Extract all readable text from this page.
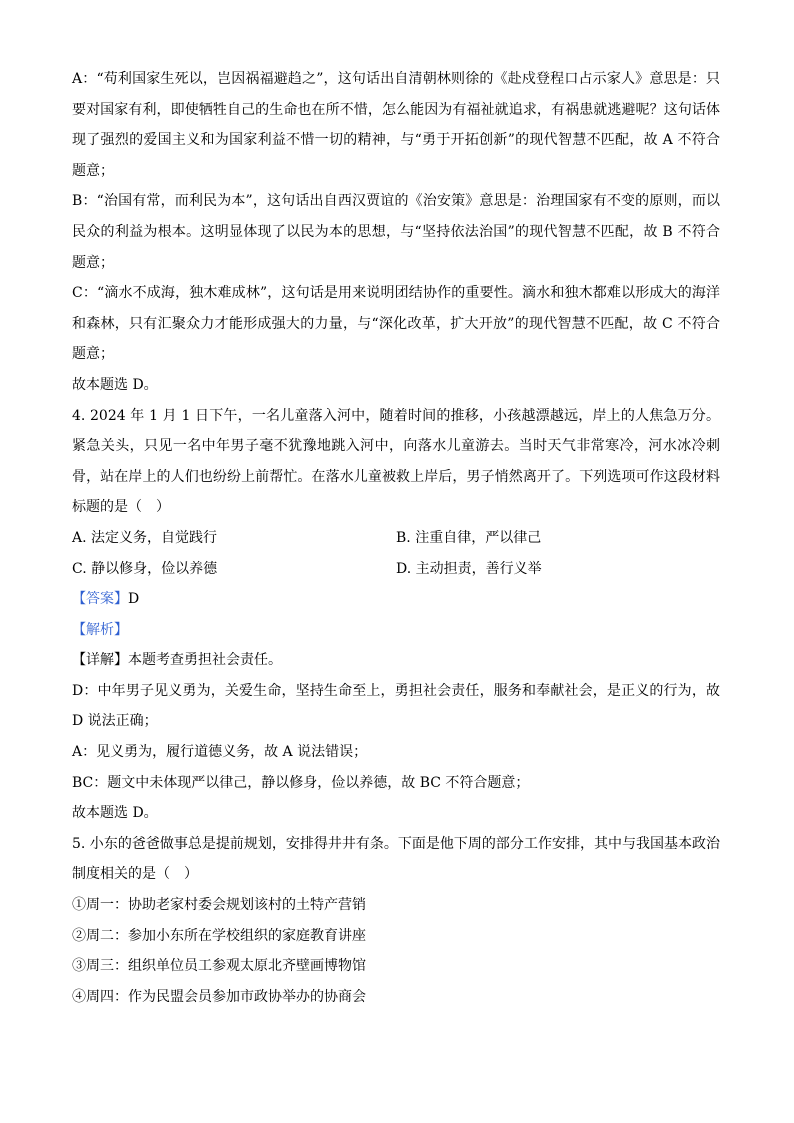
A：“苟利国家生死以，岂因祸福避趋之”，这句话出自清朝林则徐的《赴戍登程口占示家人》意思是：只要对国家有利，即使牺牲自己的生命也在所不惜，怎么能因为有福祉就追求，有祸患就逃避呢？这句话体现了强烈的爱国主义和为国家利益不惜一切的精神，与“勇于开拓创新”的现代智慧不匹配，故 A 不符合题意；

B：“治国有常，而利民为本”，这句话出自西汉贾谊的《治安策》意思是：治理国家有不变的原则，而以民众的利益为根本。这明显体现了以民为本的思想，与“坚持依法治国”的现代智慧不匹配，故 B 不符合题意；

C：“滴水不成海，独木难成林”，这句话是用来说明团结协作的重要性。滴水和独木都难以形成大的海洋和森林，只有汇聚众力才能形成强大的力量，与“深化改革，扩大开放”的现代智慧不匹配，故 C 不符合题意；

故本题选 D。

4. 2024 年 1 月 1 日下午，一名儿童落入河中，随着时间的推移，小孩越漂越远，岸上的人焦急万分。紧急关头，只见一名中年男子毫不犹豫地跳入河中，向落水儿童游去。当时天气非常寒冷，河水冰冷刺骨，站在岸上的人们也纷纷上前帮忙。在落水儿童被救上岸后，男子悄然离开了。下列选项可作这段材料标题的是（　）

A. 法定义务，自觉践行	B. 注重自律，严以律己
C. 静以修身，俭以养德	D. 主动担责，善行义举

【答案】D

【解析】

【详解】本题考查勇担社会责任。

D：中年男子见义勇为，关爱生命，坚持生命至上，勇担社会责任，服务和奉献社会，是正义的行为，故 D 说法正确；

A：见义勇为，履行道德义务，故 A 说法错误；

BC：题文中未体现严以律己，静以修身，俭以养德，故 BC 不符合题意；

故本题选 D。

5. 小东的爸爸做事总是提前规划，安排得井井有条。下面是他下周的部分工作安排，其中与我国基本政治制度相关的是（　）

①周一：协助老家村委会规划该村的土特产营销

②周二：参加小东所在学校组织的家庭教育讲座

③周三：组织单位员工参观太原北齐壁画博物馆

④周四：作为民盟会员参加市政协举办的协商会
